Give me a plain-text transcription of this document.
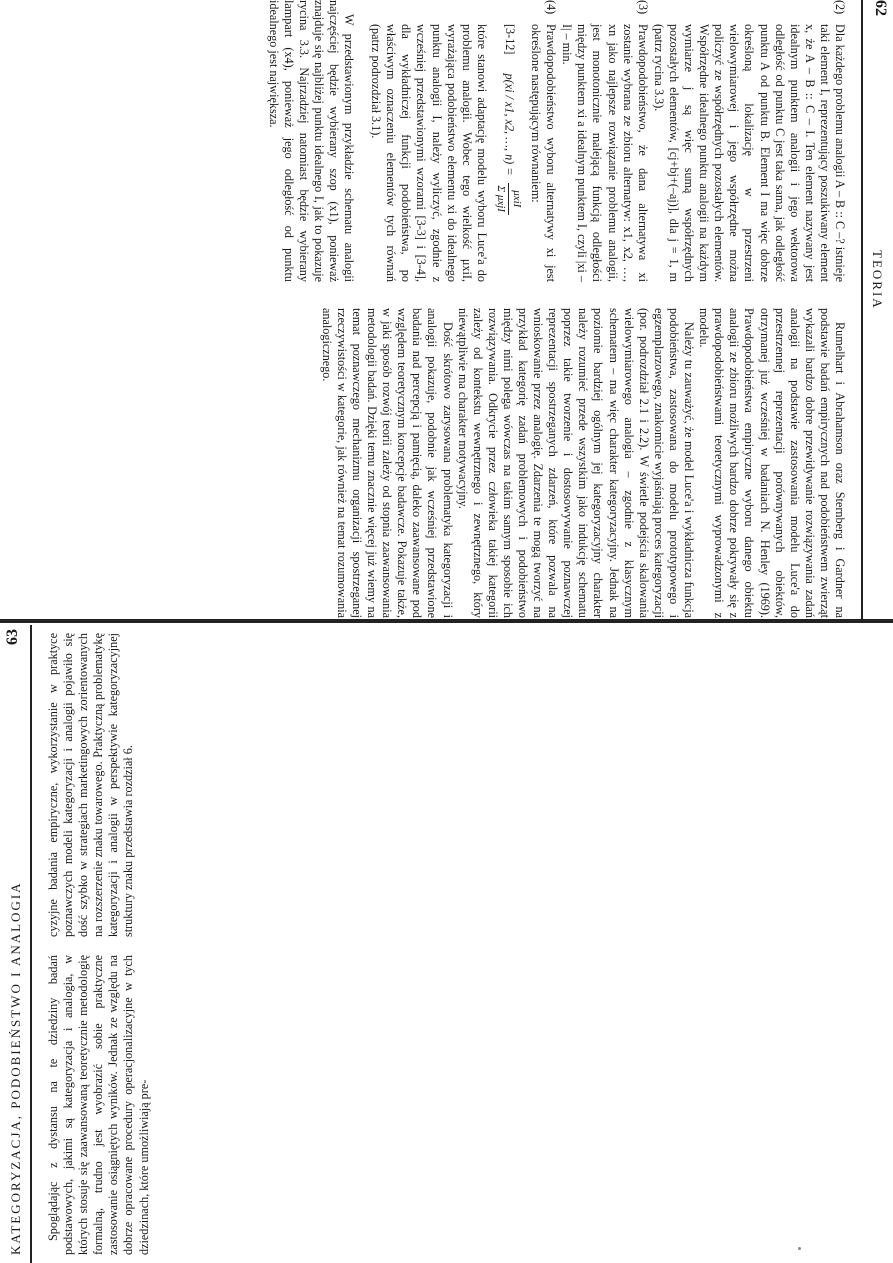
62
TEORIA
(2)

Dla każdego problemu analogii A – B :: C –? istnieje taki element I, reprezentujący poszukiwany element x, że A – B :: C – I. Ten element nazywany jest idealnym punktem analogii i jego wektorowa odległość od punktu C jest taka sama, jak odległość punktu A od punktu B. Element I ma więc dobrze określoną lokalizację w przestrzeni wielowymiarowej i jego współrzędne można policzyć ze współrzędnych pozostałych elementów. Współrzędne idealnego punktu analogii na każdym wymiarze j są więc sumą współrzędnych pozostałych elementów, [cj+bj+(–aj)], dla j = 1, m (patrz rycina 3.3).

(3)

Prawdopodobieństwo, że dana alternatywa xi zostanie wybrana ze zbioru alternatyw: x1, x2, …, xn jako najlepsze rozwiązanie problemu analogii, jest monotonicznie malejącą funkcją odległości między punktem xi a idealnym punktem I, czyli |xi – I| – min.

(4)

Prawdopodobieństwo wyboru alternatywy xi jest określone następującym równaniem:

[3-12] p(xi / x1, x2, …, n) =
μxiI
Σ μxjI

które stanowi adaptację modelu wyboru Luce'a do problemu analogii. Wobec tego wielkość μxiI, wyrażająca podobieństwo elementu xi do idealnego punktu analogii I, należy wyliczyć, zgodnie z wcześniej przedstawionymi wzorami [3-3] i [3-4], dla wykładniczej funkcji podobieństwa, po właściwym oznaczeniu elementów tych równań (patrz podrozdział 3.1).

W przedstawionym przykładzie schematu analogii najczęściej będzie wybierany szop (x1), ponieważ znajduje się najbliżej punktu idealnego I, jak to pokazuje rycina 3.3. Najrzadziej natomiast będzie wybierany lampart (x4), ponieważ jego odległość od punktu idealnego jest największa.

Rumelhart i Abrahamson oraz Sternberg i Gardner na podstawie badań empirycznych nad podobieństwem zwierząt wykazali bardzo dobre przewidywanie rozwiązywania zadań analogii na podstawie zastosowania modelu Luce'a do przestrzennej reprezentacji porównywanych obiektów, otrzymanej już wcześniej w badaniach N. Henley (1969). Prawdopodobieństwa empiryczne wyboru danego obiektu analogii ze zbioru możliwych bardzo dobrze pokrywały się z prawdopodobieństwami teoretycznymi wyprowadzonymi z modelu.

Należy tu zauważyć, że model Luce'a i wykładnicza funkcja podobieństwa, zastosowana do modelu prototypowego i egzemplarzowego, znakomicie wyjaśniają proces kategoryzacji (por. podrozdział 2.1 i 2.2). W świetle podejścia skalowania wielowymiarowego analogia – zgodnie z klasycznym schematem – ma więc charakter kategoryzacyjny. Jednak na poziomie bardziej ogólnym jej kategoryzacyjny charakter należy rozumieć przede wszystkim jako indukcję schematu poprzez takie tworzenie i dostosowywanie poznawczej reprezentacji spostrzeganych zdarzeń, które pozwala na wnioskowanie przez analogię. Zdarzenia te mogą tworzyć na przykład kategorię zadań problemowych i podobieństwo między nimi polega wówczas na takim samym sposobie ich rozwiązywania. Odkrycie przez człowieka takiej kategorii zależy od kontekstu wewnętrznego i zewnętrznego, który niewątpliwie ma charakter motywacyjny.

Dość skrótowo zarysowana problematyka kategoryzacji i analogii pokazuje, podobnie jak wcześniej przedstawione badania nad percepcją i pamięcią, daleko zaawansowane pod względem teoretycznym koncepcje badawcze. Pokazuje także, w jaki sposób rozwój teorii zależy od stopnia zaawansowania metodologii badań. Dzięki temu znacznie więcej już wiemy na temat poznawczego mechanizmu organizacji spostrzeganej rzeczywistości w kategorie, jak również na temat rozumowania analogicznego.

KATEGORYZACJA, PODOBIEŃSTWO I ANALOGIA
63

Spoglądając z dystansu na te dziedziny badań podstawowych, jakimi są kategoryzacja i analogia, w których stosuje się zaawansowaną teoretycznie metodologię formalną, trudno jest wyobrazić sobie praktyczne zastosowanie osiągniętych wyników. Jednak ze względu na dobrze opracowane procedury operacjonalizacyjne w tych dziedzinach, które umożliwiają pre-

cyzyjne badania empiryczne, wykorzystanie w praktyce poznawczych modeli kategoryzacji i analogii pojawiło się dość szybko w strategiach marketingowych zorientowanych na rozszerzenie znaku towarowego. Praktyczną problematykę kategoryzacji i analogii w perspektywie kategoryzacyjnej struktury znaku przedstawia rozdział 6.
